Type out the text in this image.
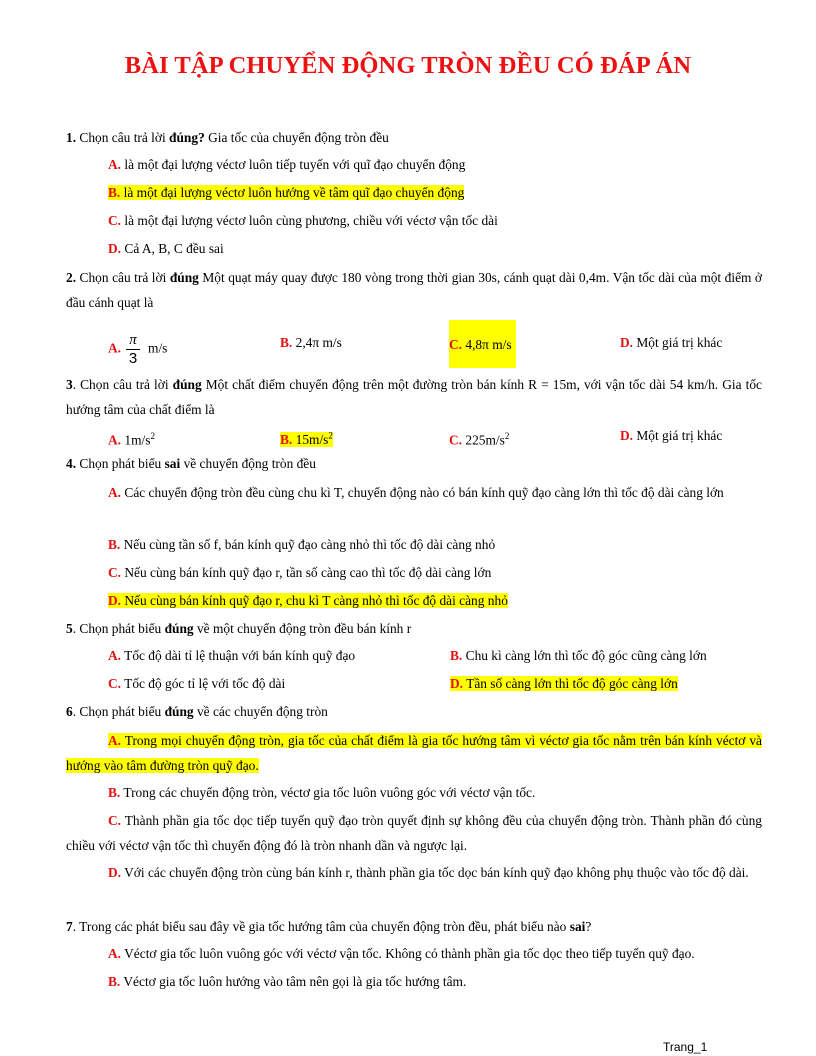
BÀI TẬP CHUYỂN ĐỘNG TRÒN ĐỀU CÓ ĐÁP ÁN
1. Chọn câu trả lời đúng? Gia tốc của chuyển động tròn đều
A. là một đại lượng véctơ luôn tiếp tuyến với quĩ đạo chuyển động
B. là một đại lượng véctơ luôn hướng về tâm quĩ đạo chuyển động
C. là một đại lượng véctơ luôn cùng phương, chiều với véctơ vận tốc dài
D. Cả A, B, C đều sai
2. Chọn câu trả lời đúng Một quạt máy quay được 180 vòng trong thời gian 30s, cánh quạt dài 0,4m. Vận tốc dài của một điểm ở đầu cánh quạt là
A. $\frac{\pi}{3} m/s$	B. 2,4π m/s	C. 4,8π m/s	D. Một giá trị khác
3. Chọn câu trả lời đúng Một chất điểm chuyển động trên một đường tròn bán kính R = 15m, với vận tốc dài 54 km/h. Gia tốc hướng tâm của chất điểm là
A. $1m/s^2$	B. $15m/s^2$	C. $225m/s^2$	D. Một giá trị khác
4. Chọn phát biểu sai về chuyển động tròn đều
A. Các chuyển động tròn đều cùng chu kì T, chuyển động nào có bán kính quỹ đạo càng lớn thì tốc độ dài càng lớn
B. Nếu cùng tần số f, bán kính quỹ đạo càng nhỏ thì tốc độ dài càng nhỏ
C. Nếu cùng bán kính quỹ đạo r, tần số càng cao thì tốc độ dài càng lớn
D. Nếu cùng bán kính quỹ đạo r, chu kì T càng nhỏ thì tốc độ dài càng nhỏ
5. Chọn phát biểu đúng về một chuyển động tròn đều bán kính r
A. Tốc độ dài tỉ lệ thuận với bán kính quỹ đạo	B. Chu kì càng lớn thì tốc độ góc cũng càng lớn
C. Tốc độ góc tỉ lệ với tốc độ dài	D. Tần số càng lớn thì tốc độ góc càng lớn
6. Chọn phát biểu đúng về các chuyển động tròn
A. Trong mọi chuyển động tròn, gia tốc của chất điểm là gia tốc hướng tâm vì véctơ gia tốc nằm trên bán kính véctơ và hướng vào tâm đường tròn quỹ đạo.
B. Trong các chuyển động tròn, véctơ gia tốc luôn vuông góc với véctơ vận tốc.
C. Thành phần gia tốc dọc tiếp tuyến quỹ đạo tròn quyết định sự không đều của chuyển động tròn. Thành phần đó cùng chiều với véctơ vận tốc thì chuyển động đó là tròn nhanh dần và ngược lại.
D. Với các chuyển động tròn cùng bán kính r, thành phần gia tốc dọc bán kính quỹ đạo không phụ thuộc vào tốc độ dài.
7. Trong các phát biểu sau đây về gia tốc hướng tâm của chuyển động tròn đều, phát biểu nào sai?
A. Véctơ gia tốc luôn vuông góc với véctơ vận tốc. Không có thành phần gia tốc dọc theo tiếp tuyến quỹ đạo.
B. Véctơ gia tốc luôn hướng vào tâm nên gọi là gia tốc hướng tâm.
Trang_1
